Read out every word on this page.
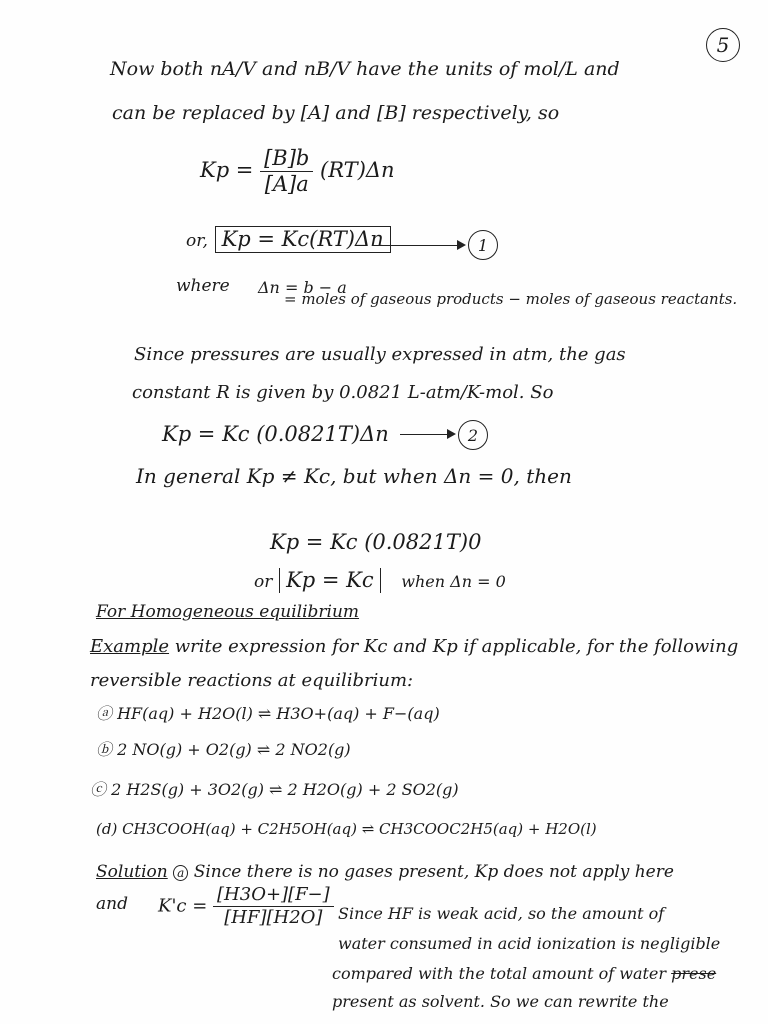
5
Now both nA/V and nB/V have the units of mol/L and
can be replaced by [A] and [B] respectively, so
$Kp = \frac{[B]b}{[A]a} (RT)\Delta n$
or, Kp = Kc(RT)Δn	1
where Δn = b − a
= moles of gaseous products − moles of gaseous reactants.
Since pressures are usually expressed in atm, the gas
constant R is given by 0.0821 L-atm/K-mol. So
Kp = Kc (0.0821T)Δn	2
In general Kp ≠ Kc, but when Δn = 0, then
Kp = Kc (0.0821T)0
or Kp = Kc when Δn = 0
For Homogeneous equilibrium
Example write expression for Kc and Kp if applicable, for the following
reversible reactions at equilibrium:
ⓐ HF(aq) + H2O(l) ⇌ H3O+(aq) + F−(aq)
ⓑ 2 NO(g) + O2(g) ⇌ 2 NO2(g)
ⓒ 2 H2S(g) + 3O2(g) ⇌ 2 H2O(g) + 2 SO2(g)
(d) CH3COOH(aq) + C2H5OH(aq) ⇌ CH3COOC2H5(aq) + H2O(l)
Solution a Since there is no gases present, Kp does not apply here
and $K'c = \frac{[H3O+][F-]}{[HF][H2O]}$ Since HF is weak acid, so the amount of
water consumed in acid ionization is negligible
compared with the total amount of water prese
present as solvent. So we can rewrite the
